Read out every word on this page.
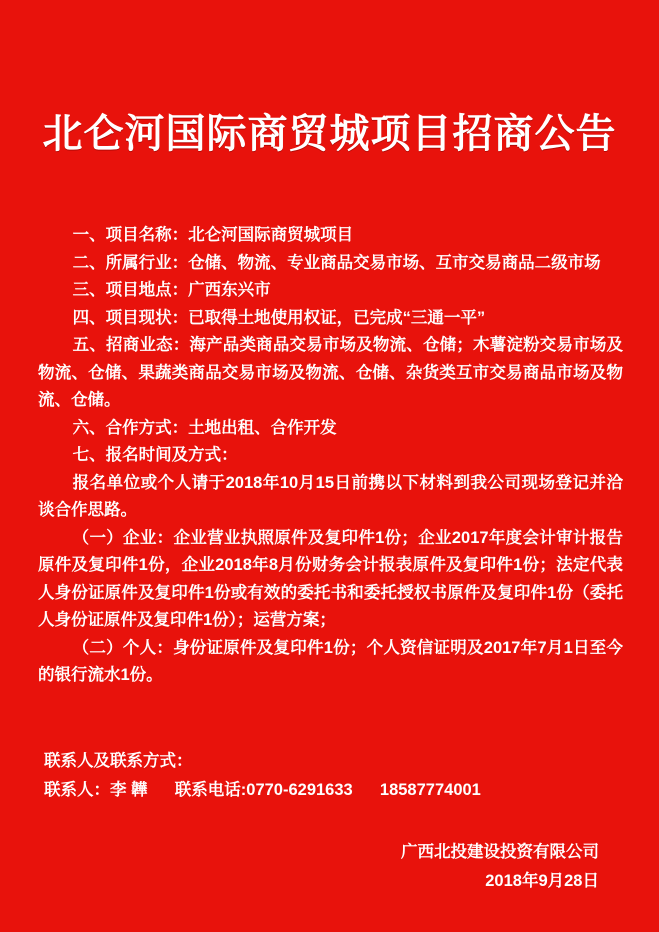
北仑河国际商贸城项目招商公告

一、项目名称：北仑河国际商贸城项目

二、所属行业：仓储、物流、专业商品交易市场、互市交易商品二级市场

三、项目地点：广西东兴市

四、项目现状：已取得土地使用权证，已完成“三通一平”

五、招商业态：海产品类商品交易市场及物流、仓储；木薯淀粉交易市场及物流、仓储、果蔬类商品交易市场及物流、仓储、杂货类互市交易商品市场及物流、仓储。

六、合作方式：土地出租、合作开发

七、报名时间及方式：

报名单位或个人请于2018年10月15日前携以下材料到我公司现场登记并洽谈合作思路。

（一）企业：企业营业执照原件及复印件1份；企业2017年度会计审计报告原件及复印件1份，企业2018年8月份财务会计报表原件及复印件1份；法定代表人身份证原件及复印件1份或有效的委托书和委托授权书原件及复印件1份（委托人身份证原件及复印件1份）；运营方案；

（二）个人：身份证原件及复印件1份；个人资信证明及2017年7月1日至今的银行流水1份。

联系人及联系方式：

联系人：李 韡 联系电话:0770-6291633 18587774001

广西北投建设投资有限公司

2018年9月28日
